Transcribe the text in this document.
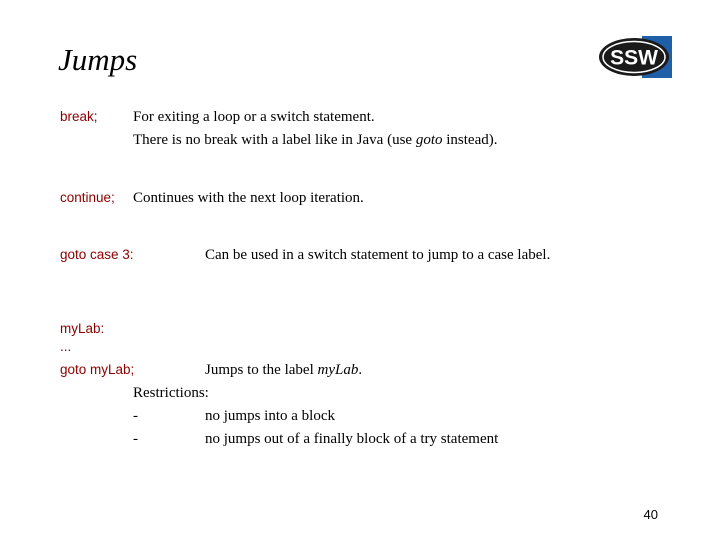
Jumps	SSW
break; For exiting a loop or a switch statement.
There is no break with a label like in Java (use goto instead).
continue; Continues with the next loop iteration.
goto case 3:	Can be used in a switch statement to jump to a case label.
myLab:
...
goto myLab;	Jumps to the label myLab.
Restrictions:
-	no jumps into a block
-	no jumps out of a finally block of a try statement
40
